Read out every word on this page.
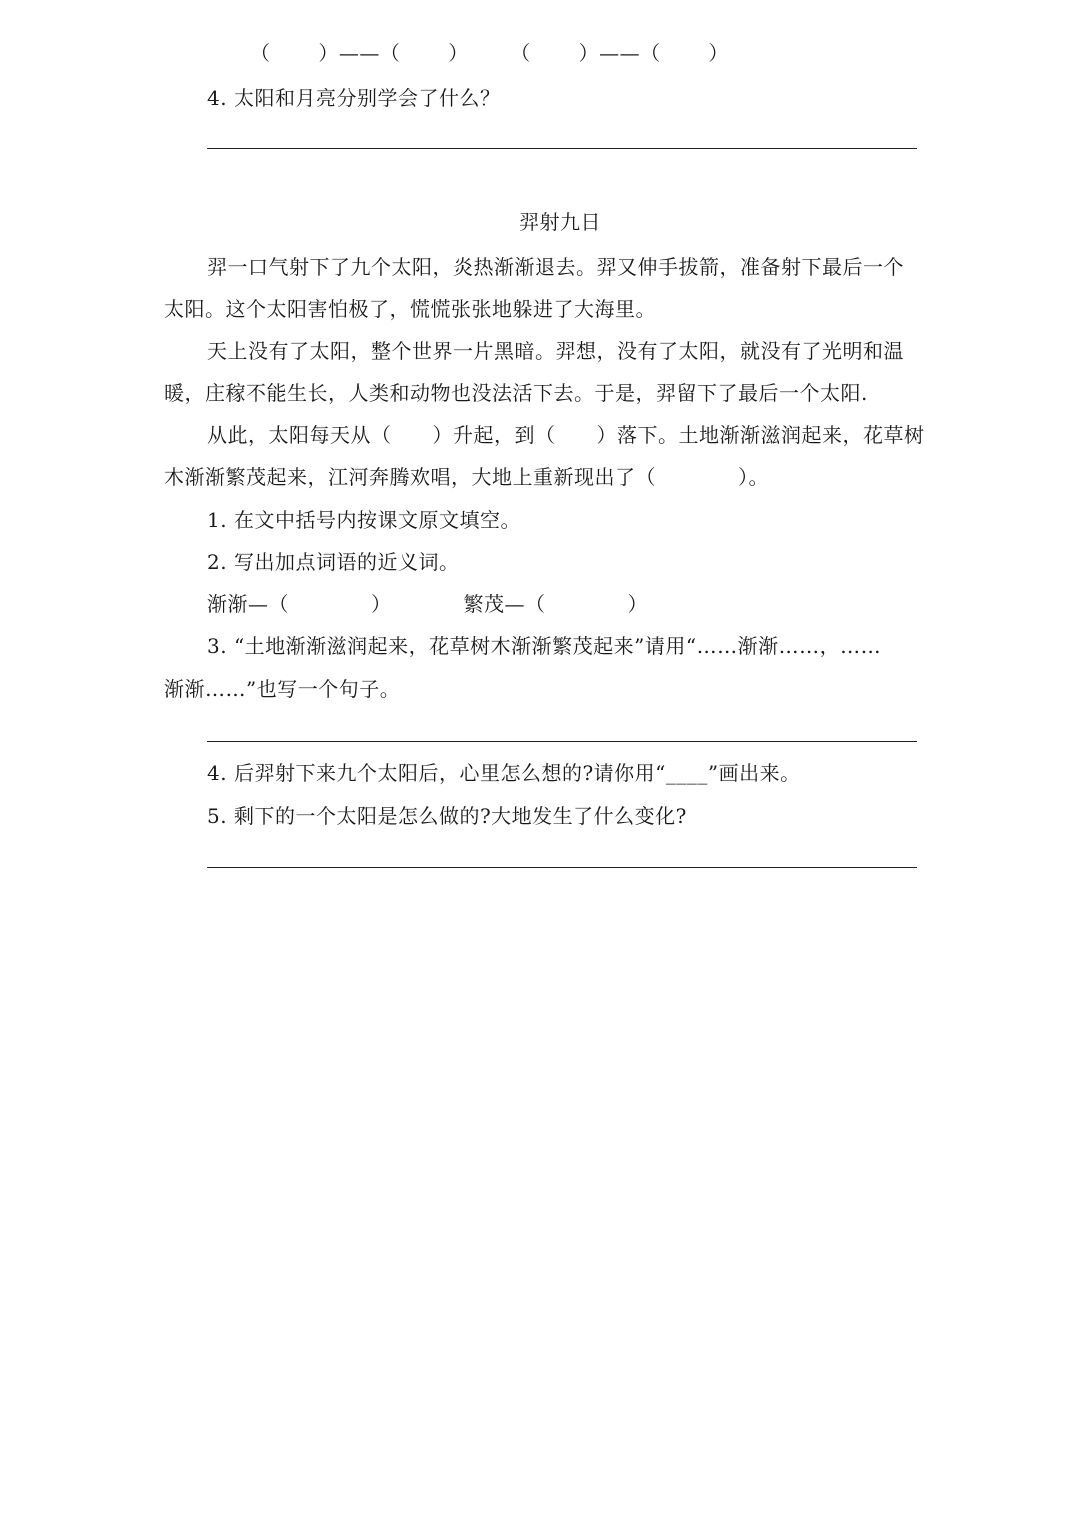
（　　 ）——（　　 ）　　　（　　 ）——（　　 ）
4. 太阳和月亮分别学会了什么？
羿射九日
羿一口气射下了九个太阳，炎热渐渐退去。羿又伸手拔箭，准备射下最后一个
太阳。这个太阳害怕极了，慌慌张张地躲进了大海里。
天上没有了太阳，整个世界一片黑暗。羿想，没有了太阳，就没有了光明和温
暖，庄稼不能生长，人类和动物也没法活下去。于是，羿留下了最后一个太阳.
从此，太阳每天从（　　）升起，到（　　）落下。土地渐渐滋润起来，花草树
木渐渐繁茂起来，江河奔腾欢唱，大地上重新现出了（　　　　）。
1. 在文中括号内按课文原文填空。
2. 写出加点词语的近义词。
渐渐—（　　　　）　　　　繁茂—（　　　　）
3. “土地渐渐滋润起来，花草树木渐渐繁茂起来”请用“……渐渐……，……
渐渐……”也写一个句子。
4. 后羿射下来九个太阳后，心里怎么想的?请你用“____”画出来。
5. 剩下的一个太阳是怎么做的?大地发生了什么变化?
